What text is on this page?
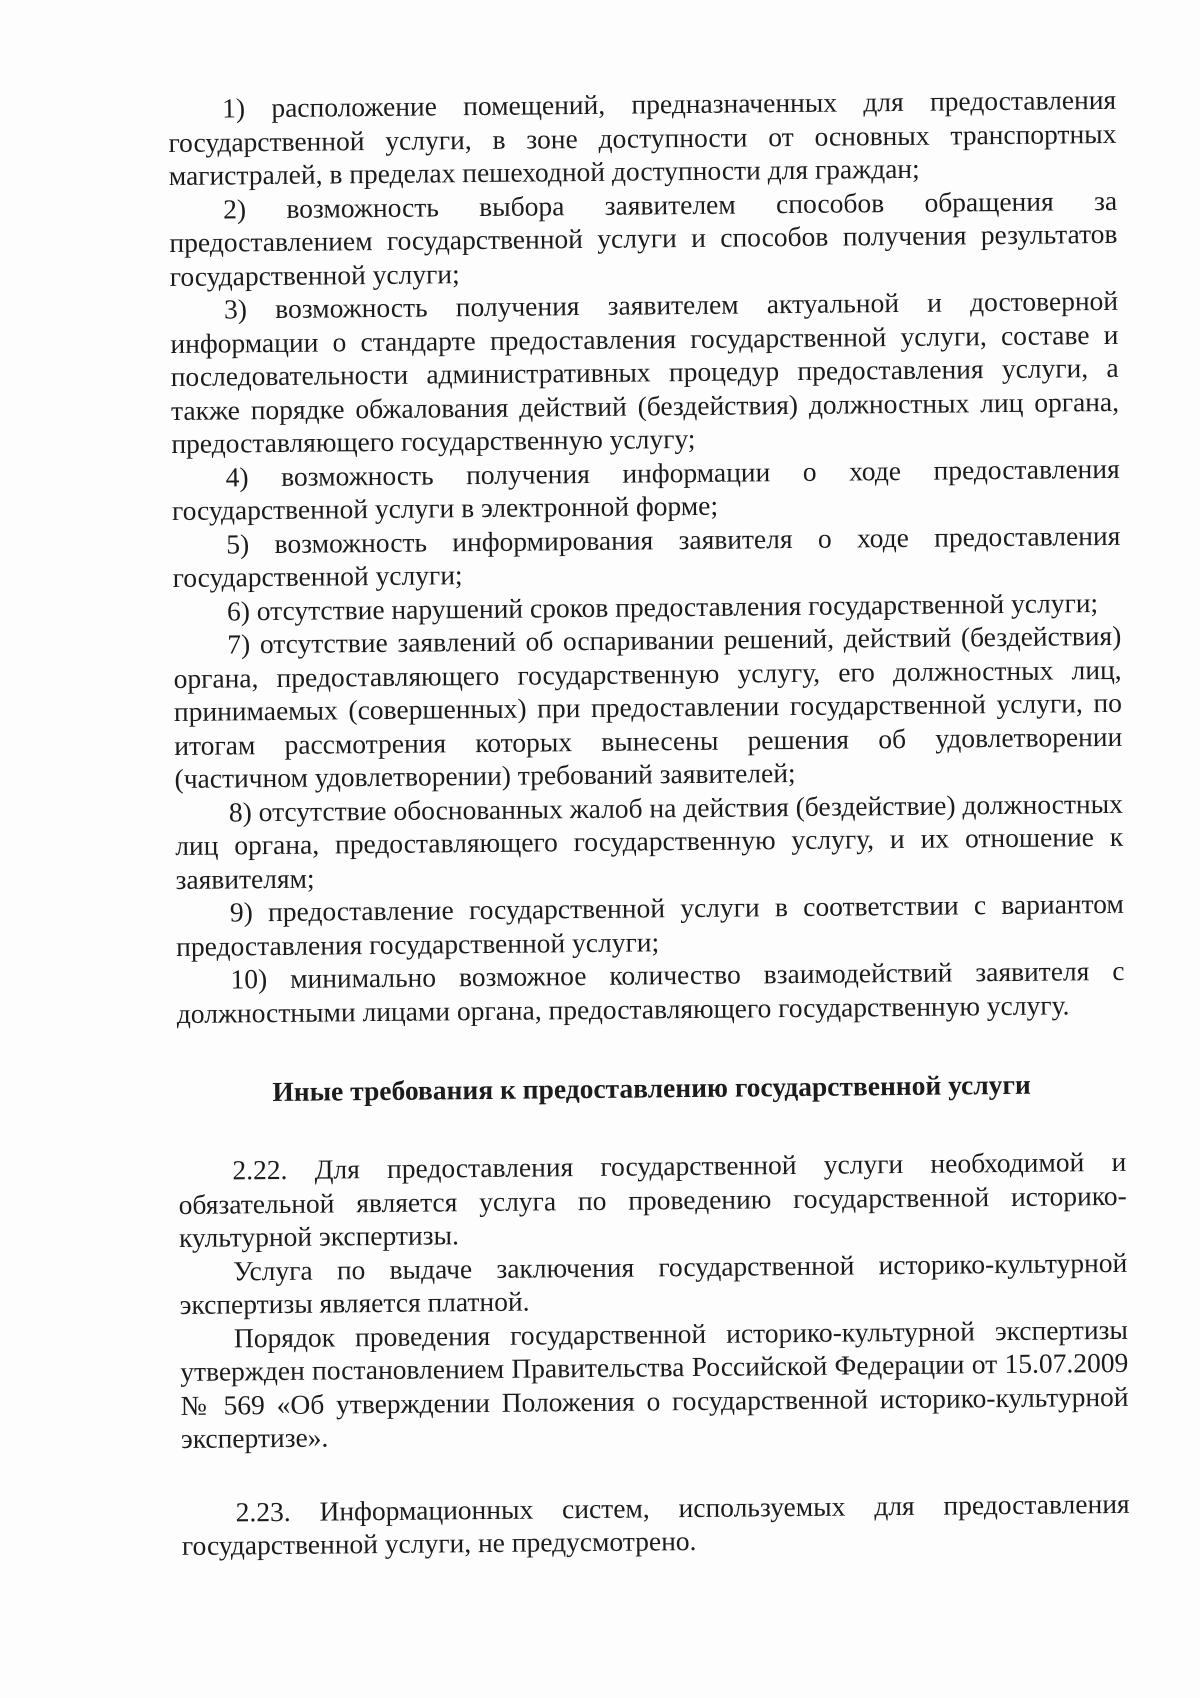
1) расположение помещений, предназначенных для предоставления государственной услуги, в зоне доступности от основных транспортных магистралей, в пределах пешеходной доступности для граждан;

2) возможность выбора заявителем способов обращения за предоставлением государственной услуги и способов получения результатов государственной услуги;

3) возможность получения заявителем актуальной и достоверной информации о стандарте предоставления государственной услуги, составе и последовательности административных процедур предоставления услуги, а также порядке обжалования действий (бездействия) должностных лиц органа, предоставляющего государственную услугу;

4) возможность получения информации о ходе предоставления государственной услуги в электронной форме;

5) возможность информирования заявителя о ходе предоставления государственной услуги;

6) отсутствие нарушений сроков предоставления государственной услуги;

7) отсутствие заявлений об оспаривании решений, действий (бездействия) органа, предоставляющего государственную услугу, его должностных лиц, принимаемых (совершенных) при предоставлении государственной услуги, по итогам рассмотрения которых вынесены решения об удовлетворении (частичном удовлетворении) требований заявителей;

8) отсутствие обоснованных жалоб на действия (бездействие) должностных лиц органа, предоставляющего государственную услугу, и их отношение к заявителям;

9) предоставление государственной услуги в соответствии с вариантом предоставления государственной услуги;

10) минимально возможное количество взаимодействий заявителя с должностными лицами органа, предоставляющего государственную услугу.

Иные требования к предоставлению государственной услуги

2.22. Для предоставления государственной услуги необходимой и обязательной является услуга по проведению государственной историко-культурной экспертизы.

Услуга по выдаче заключения государственной историко-культурной экспертизы является платной.

Порядок проведения государственной историко-культурной экспертизы утвержден постановлением Правительства Российской Федерации от 15.07.2009 № 569 «Об утверждении Положения о государственной историко-культурной экспертизе».

2.23. Информационных систем, используемых для предоставления государственной услуги, не предусмотрено.
